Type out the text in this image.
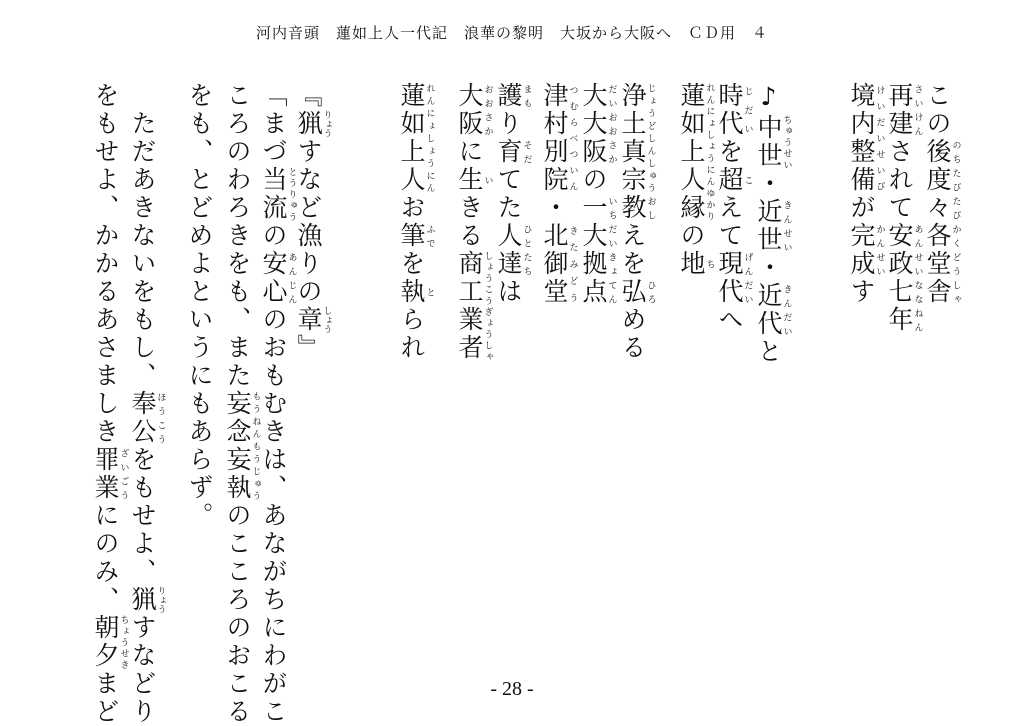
河内音頭　蓮如上人一代記　浪華の黎明　大坂から大阪へ　ＣＤ用　４
この後度々各堂舎のちたびたびかくどうしゃ
再建さいけんされて安政七年あんせいななねん
境内整備けいだいせいびが完成かんせいす
♪中世ちゅうせい・近世きんせい・近代きんだいと
時代じだいを超こえて現代げんだいへ
蓮如上人縁れんにょしょうにんゆかりの地ち
浄土真宗じょうどしんしゅう教おしえを弘ひろめる
大大阪だいおおさかの一大拠点いちだいきょてん
津村別院つむらべついん・北御堂きたみどう
護まもり育そだてた人達ひとたちは
大阪おおさかに生いきる商工業者しょうこうぎょうしゃ
蓮如上人れんにょしょうにんお筆ふでを執とられ
『猟りょうすなど漁りの章しょう』
「まづ当流とうりゅうの安心あんじんのおもむきは、あながちにわがこ
ころのわろきをも、また妄念妄執もうねんもうじゅうのこころのおこる
をも、とどめよというにもあらず。
　ただあきないをもし、奉公ほうこうをもせよ、猟りょうすなどり
をもせよ、かかるあさましき罪業ざいごうにのみ、朝夕ちょうせきまど	- 28 -
